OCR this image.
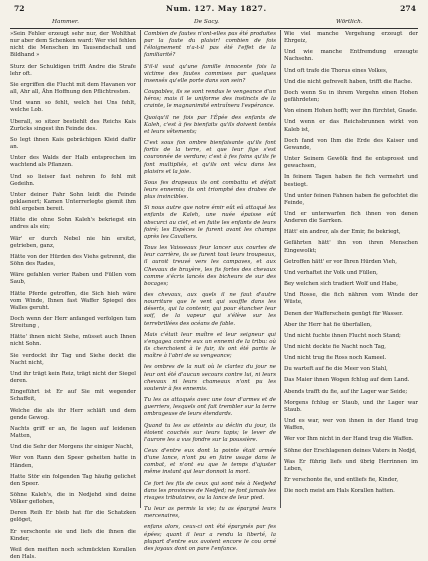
72	Num. 127. May 1827.	274
Hammer.	De Sacy.	Wörtlich.

»Sein Fehler erzeugt sehr nur, der Wohlthat nur aber dem Schenken ward: Wer viel fehlen nicht die Menschen im Tausendschall und Bildhand »

Sturz der Schuldigen trifft Andre die Strafe lehr oft.

Sie ergriffen die Flucht mit dem Havanen vor all, Ahr all, Ähn Hoffnung den Pflichtresten.

Und wann so fehlt, welch hei Uns fehlt, welche Lob.

Uberall, so sitzer bestiehlt des Reichs Kais Zurücks singest ihn Feinde des.

So legt ihnen Kais gebrächigen Kleid dafür an.

Unter des Walds der Halb entsprechen im wachtend als Pflanzen.

Und so lieiser fast nehren fo fehl mit Gedeihn.

Unter deiner Fahr Sohn leidt die Feinde geklaenert; Kamen Unterrerlegte giemit ihm fehl ergeben bereit.

Hätte die ohne Sohn Kaleh's bekriegst ein andres als ein;

Wär' er durch Nebel nie hin ersitzt, getrieben, ganz,

Hätte von der Hürden des Viehs getrennt, die Söhn des Rades,

Wäre gefahlen verier Raben und Füllen vom Saub,

Hätte Pferde getroffen, die Sich hieh wäre vom Winde, Ihnen fast Waffer Spiegel des Walles geruht.

Doch wenn der Herr anfanged verfolgen tum Streitung ,

Hätte' ihnen nicht Siehe, müsset auch Ihnen nicht Sohn.

Sie verdockt ihr Tag und Siehe deckt die Nacht nicht,

Und ihr trägt kein Reiz, trägt nicht der Siegel deren.

Eingeführt ist Er auf Sie mit wegender Schaffeit,

Welche die als ihr Herr schläft und dem gende Gewog.

Nachts griff er an, fie lagen auf leidenen Matten,

Und die Sehr der Morgens ihr einiger Nacht,

Wer von Rann den Speer geheiten hatte in Händen,

Hatte Stör ein folgenden Tag häufig gelichet den Speer.

Söhne Kaleh's, die in Nedjehd sind deine Völker geflohen,

Deren Reih Er bleib hat für die Schatzken gelöget,

Er verschonte sie und liefs die ihnen die Kinder,

Weil den meiften noch schmückten Korallen den Hals.

Combien de fautes n'ont-elles pas été produites par la faute du plaisir! combien de fois l'éloignement n'a-t-il pas été l'effet de la familiarité?

S'il-il vaut qu'une famille innocente fois la victime des fautes commises par quelques insensés qu'elle porte dans son sein?

Coupables, ils se sont rendus le vengeance d'un héros; mais il le uniforme des instincts de la crainte, le magnanimité entraînera l'espérance.

Quoiqu'il ne fois par l'Épée des enfants de Kaleh, c'est à fes bienfaits qu'ils doivent tentés et leurs vêtements;

C'est sous fon ombre bienfaisante qu'ils font fortis de la terre, et que leur fige s'est couronnée de verdure; c'est à fes foins qu'ils fe font multipliés, et qu'ils ont vécu dans les plaisirs et la joie.

Sous fes drapeaux ils ont combattu et défait leurs ennemis; ils ont triomphé des drabes de plus invincibles.

Si nous autre que notre émir eût eû attaqué les enfants de Kaleh, une nuée épaisse eût obscurci au ciel, et en fuite les enfants de leurs foiré; les Espèces le furent avant les champs après les Cavaliers.

Tous les Vaisseaux feur lancer aux courtes de leur carrière, ils se furent tout leurs troupeaux, il auroit treuvé vers les campaves, et aux Chevaux de bruyère, les fis fortes des chevaux comme s'écris lancés des bicheurs de sur des bocages;

des chevaux, aux quels il ne faut d'autre nourriture que le vent qui souffle dans les déserts, qui la contenir, qui pour étancher leur soif, de la vapeur qui s'élève sur les terrebrillées des océans de fable.

Mais c'était leur maître et leur seigneur qui s'engagea contre eux un ennemi de la tribu: où ils cherchoient à le fuir, ils ont été partis le maître à l'abri de sa vengeance;

les ombres de la nuit où le clartez du jour ne leur ont été d'aucun secours contre lui, ni leurs chevaux ni leurs chameaux n'ont pu les soutenir à fes ennemis.

Tu les as attaqués avec une tour d'armes et de guerriers, lesquels ont fait trembler sur la terre ombrageuse de leurs étendards.

Quand tu les as atteints au déclin du jour, ils étoient couchés sur leurs tapis; le lever de l'aurore les a vus fondre sur la poussière.

Ceux d'entre eux dont la pointe était armée d'une lance, n'ont pu en faire usage dans le combat, et n'ont eu que le temps d'ajuster même instant qui leur donnoit la mort.

Ce fort les fils de ceux qui sont nés à Nedjehd dans les provinces de Nedjed; ne font jamais les rivages tributaires, ou la lance de leur pied.

Tu leur as permis la vie; tu as épargné leurs mercenaires,

enfans alors, ceux-ci ont été épargnés par fes épées; quant il leur a rendu la liberté, la plupart d'entre eux avoient encore le cou orné des joyaux dont on pare l'enfance.

Wie viel manche Vergehung erzeugt der Ehrgeiz,

Und wie manche Entfremdung erzeugte Nachsehn.

Und oft trafe die Thorus eines Volkes,

Und die nicht gefrevelt haben, trifft die Rache.

Doch wenn Su in ihrem Vergehn einen Hohen gefährdeten;

Von einem Hohen hofft; wer ihn fürchtet, Gnade.

Und wenn er das Reichsbrunnen wirkt von Kaleb ist,

Doch fand von Ihm die Erde des Kaiser und Gewande,

Unter Seinem Gewölk find fie entsprosst und gewachsen,

In feinem Tagen haben fie fich vermehrt und bestiegt.

Und unter feinen Fahnen haben fie gefochtet die Feinde,

Und er unterwarfen fich ihnen von denen Anderen die Sarrken.

Hätt' ein andrer, als der Emir, fie bekriegt,

Gefährten hätt' ihn von ihren Menschen Eingewolkt;

Getroffen hätt' er vor Ihren Hürden Vieh,

Und verhaftet ihr Volk und Füllen,

Bey welchen sich tradiert Wolf und Habe,

Und Rosse, die fich nähren vom Winde der Wüste,

Denen der Wafferschein genügt für Wasser.

Aber ihr Herr hat fie überfallen,

Und nicht fuchte ihnen Flucht noch Stand;

Und nicht deckte fie Nacht noch Tag,

Und nicht trug fie Ross noch Kameel.

Du warteft auf fie die Meer von Stahl,

Das Maier ihnen Wogen fchlug auf dem Land.

Abends trafft du fie, auf ihr Lager war Seide;

Morgens fchlug er Staub, und ihr Lager war Staub.

Und es war, wer von ihnen in der Hand trug Waffen,

Wer vor Ihm nicht in der Hand trug die Waffen.

Söhne der Erschlagenen deines Vaters in Nedjd,

Was Er führig liefs und übrig Herrinnen im Leben,

Er verschonte fie, und entliefs fie, Kinder,

Die noch meist am Hals Korallen hatten.
